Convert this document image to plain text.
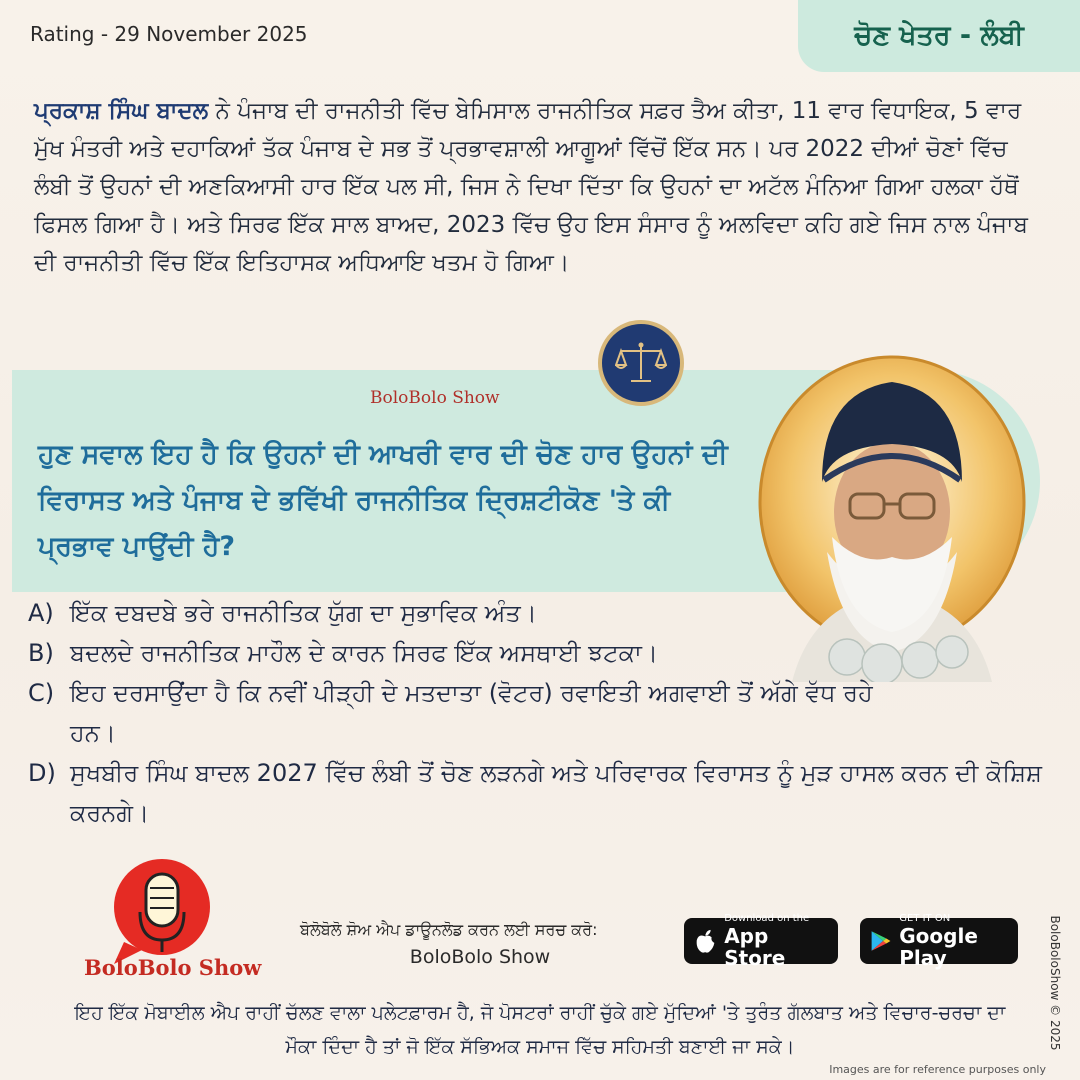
Rating - 29 November 2025	ਚੋਣ ਖੇਤਰ - ਲੰਬੀ
ਪ੍ਰਕਾਸ਼ ਸਿੰਘ ਬਾਦਲ ਨੇ ਪੰਜਾਬ ਦੀ ਰਾਜਨੀਤੀ ਵਿੱਚ ਬੇਮਿਸਾਲ ਰਾਜਨੀਤਿਕ ਸਫ਼ਰ ਤੈਅ ਕੀਤਾ, 11 ਵਾਰ ਵਿਧਾਇਕ, 5 ਵਾਰ ਮੁੱਖ ਮੰਤਰੀ ਅਤੇ ਦਹਾਕਿਆਂ ਤੱਕ ਪੰਜਾਬ ਦੇ ਸਭ ਤੋਂ ਪ੍ਰਭਾਵਸ਼ਾਲੀ ਆਗੂਆਂ ਵਿੱਚੋਂ ਇੱਕ ਸਨ। ਪਰ 2022 ਦੀਆਂ ਚੋਣਾਂ ਵਿੱਚ ਲੰਬੀ ਤੋਂ ਉਹਨਾਂ ਦੀ ਅਣਕਿਆਸੀ ਹਾਰ ਇੱਕ ਪਲ ਸੀ, ਜਿਸ ਨੇ ਦਿਖਾ ਦਿੱਤਾ ਕਿ ਉਹਨਾਂ ਦਾ ਅਟੱਲ ਮੰਨਿਆ ਗਿਆ ਹਲਕਾ ਹੱਥੋਂ ਫਿਸਲ ਗਿਆ ਹੈ। ਅਤੇ ਸਿਰਫ ਇੱਕ ਸਾਲ ਬਾਅਦ, 2023 ਵਿੱਚ ਉਹ ਇਸ ਸੰਸਾਰ ਨੂੰ ਅਲਵਿਦਾ ਕਹਿ ਗਏ ਜਿਸ ਨਾਲ ਪੰਜਾਬ ਦੀ ਰਾਜਨੀਤੀ ਵਿੱਚ ਇੱਕ ਇਤਿਹਾਸਕ ਅਧਿਆਇ ਖਤਮ ਹੋ ਗਿਆ।
BoloBolo Show
ਹੁਣ ਸਵਾਲ ਇਹ ਹੈ ਕਿ ਉਹਨਾਂ ਦੀ ਆਖਰੀ ਵਾਰ ਦੀ ਚੋਣ ਹਾਰ ਉਹਨਾਂ ਦੀ ਵਿਰਾਸਤ ਅਤੇ ਪੰਜਾਬ ਦੇ ਭਵਿੱਖੀ ਰਾਜਨੀਤਿਕ ਦ੍ਰਿਸ਼ਟੀਕੋਣ 'ਤੇ ਕੀ ਪ੍ਰਭਾਵ ਪਾਉਂਦੀ ਹੈ?
A) ਇੱਕ ਦਬਦਬੇ ਭਰੇ ਰਾਜਨੀਤਿਕ ਯੁੱਗ ਦਾ ਸੁਭਾਵਿਕ ਅੰਤ।
B) ਬਦਲਦੇ ਰਾਜਨੀਤਿਕ ਮਾਹੌਲ ਦੇ ਕਾਰਨ ਸਿਰਫ ਇੱਕ ਅਸਥਾਈ ਝਟਕਾ।
C) ਇਹ ਦਰਸਾਉਂਦਾ ਹੈ ਕਿ ਨਵੀਂ ਪੀੜ੍ਹੀ ਦੇ ਮਤਦਾਤਾ (ਵੋਟਰ) ਰਵਾਇਤੀ ਅਗਵਾਈ ਤੋਂ ਅੱਗੇ ਵੱਧ ਰਹੇ ਹਨ।
D) ਸੁਖਬੀਰ ਸਿੰਘ ਬਾਦਲ 2027 ਵਿੱਚ ਲੰਬੀ ਤੋਂ ਚੋਣ ਲੜਨਗੇ ਅਤੇ ਪਰਿਵਾਰਕ ਵਿਰਾਸਤ ਨੂੰ ਮੁੜ ਹਾਸਲ ਕਰਨ ਦੀ ਕੋਸ਼ਿਸ਼ ਕਰਨਗੇ।
BoloBolo Show
ਬੋਲੋਬੋਲੋ ਸ਼ੋਅ ਐਪ ਡਾਊਨਲੋਡ ਕਰਨ ਲਈ ਸਰਚ ਕਰੋ:
BoloBolo Show
Download on the
App Store
GET IT ON
Google Play
ਇਹ ਇੱਕ ਮੋਬਾਈਲ ਐਪ ਰਾਹੀਂ ਚੱਲਣ ਵਾਲਾ ਪਲੇਟਫ਼ਾਰਮ ਹੈ, ਜੋ ਪੋਸਟਰਾਂ ਰਾਹੀਂ ਚੁੱਕੇ ਗਏ ਮੁੱਦਿਆਂ 'ਤੇ ਤੁਰੰਤ ਗੱਲਬਾਤ ਅਤੇ ਵਿਚਾਰ-ਚਰਚਾ ਦਾ ਮੌਕਾ ਦਿੰਦਾ ਹੈ ਤਾਂ ਜੋ ਇੱਕ ਸੱਭਿਅਕ ਸਮਾਜ ਵਿੱਚ ਸਹਿਮਤੀ ਬਣਾਈ ਜਾ ਸਕੇ।	BoloBoloShow © 2025
Images are for reference purposes only
